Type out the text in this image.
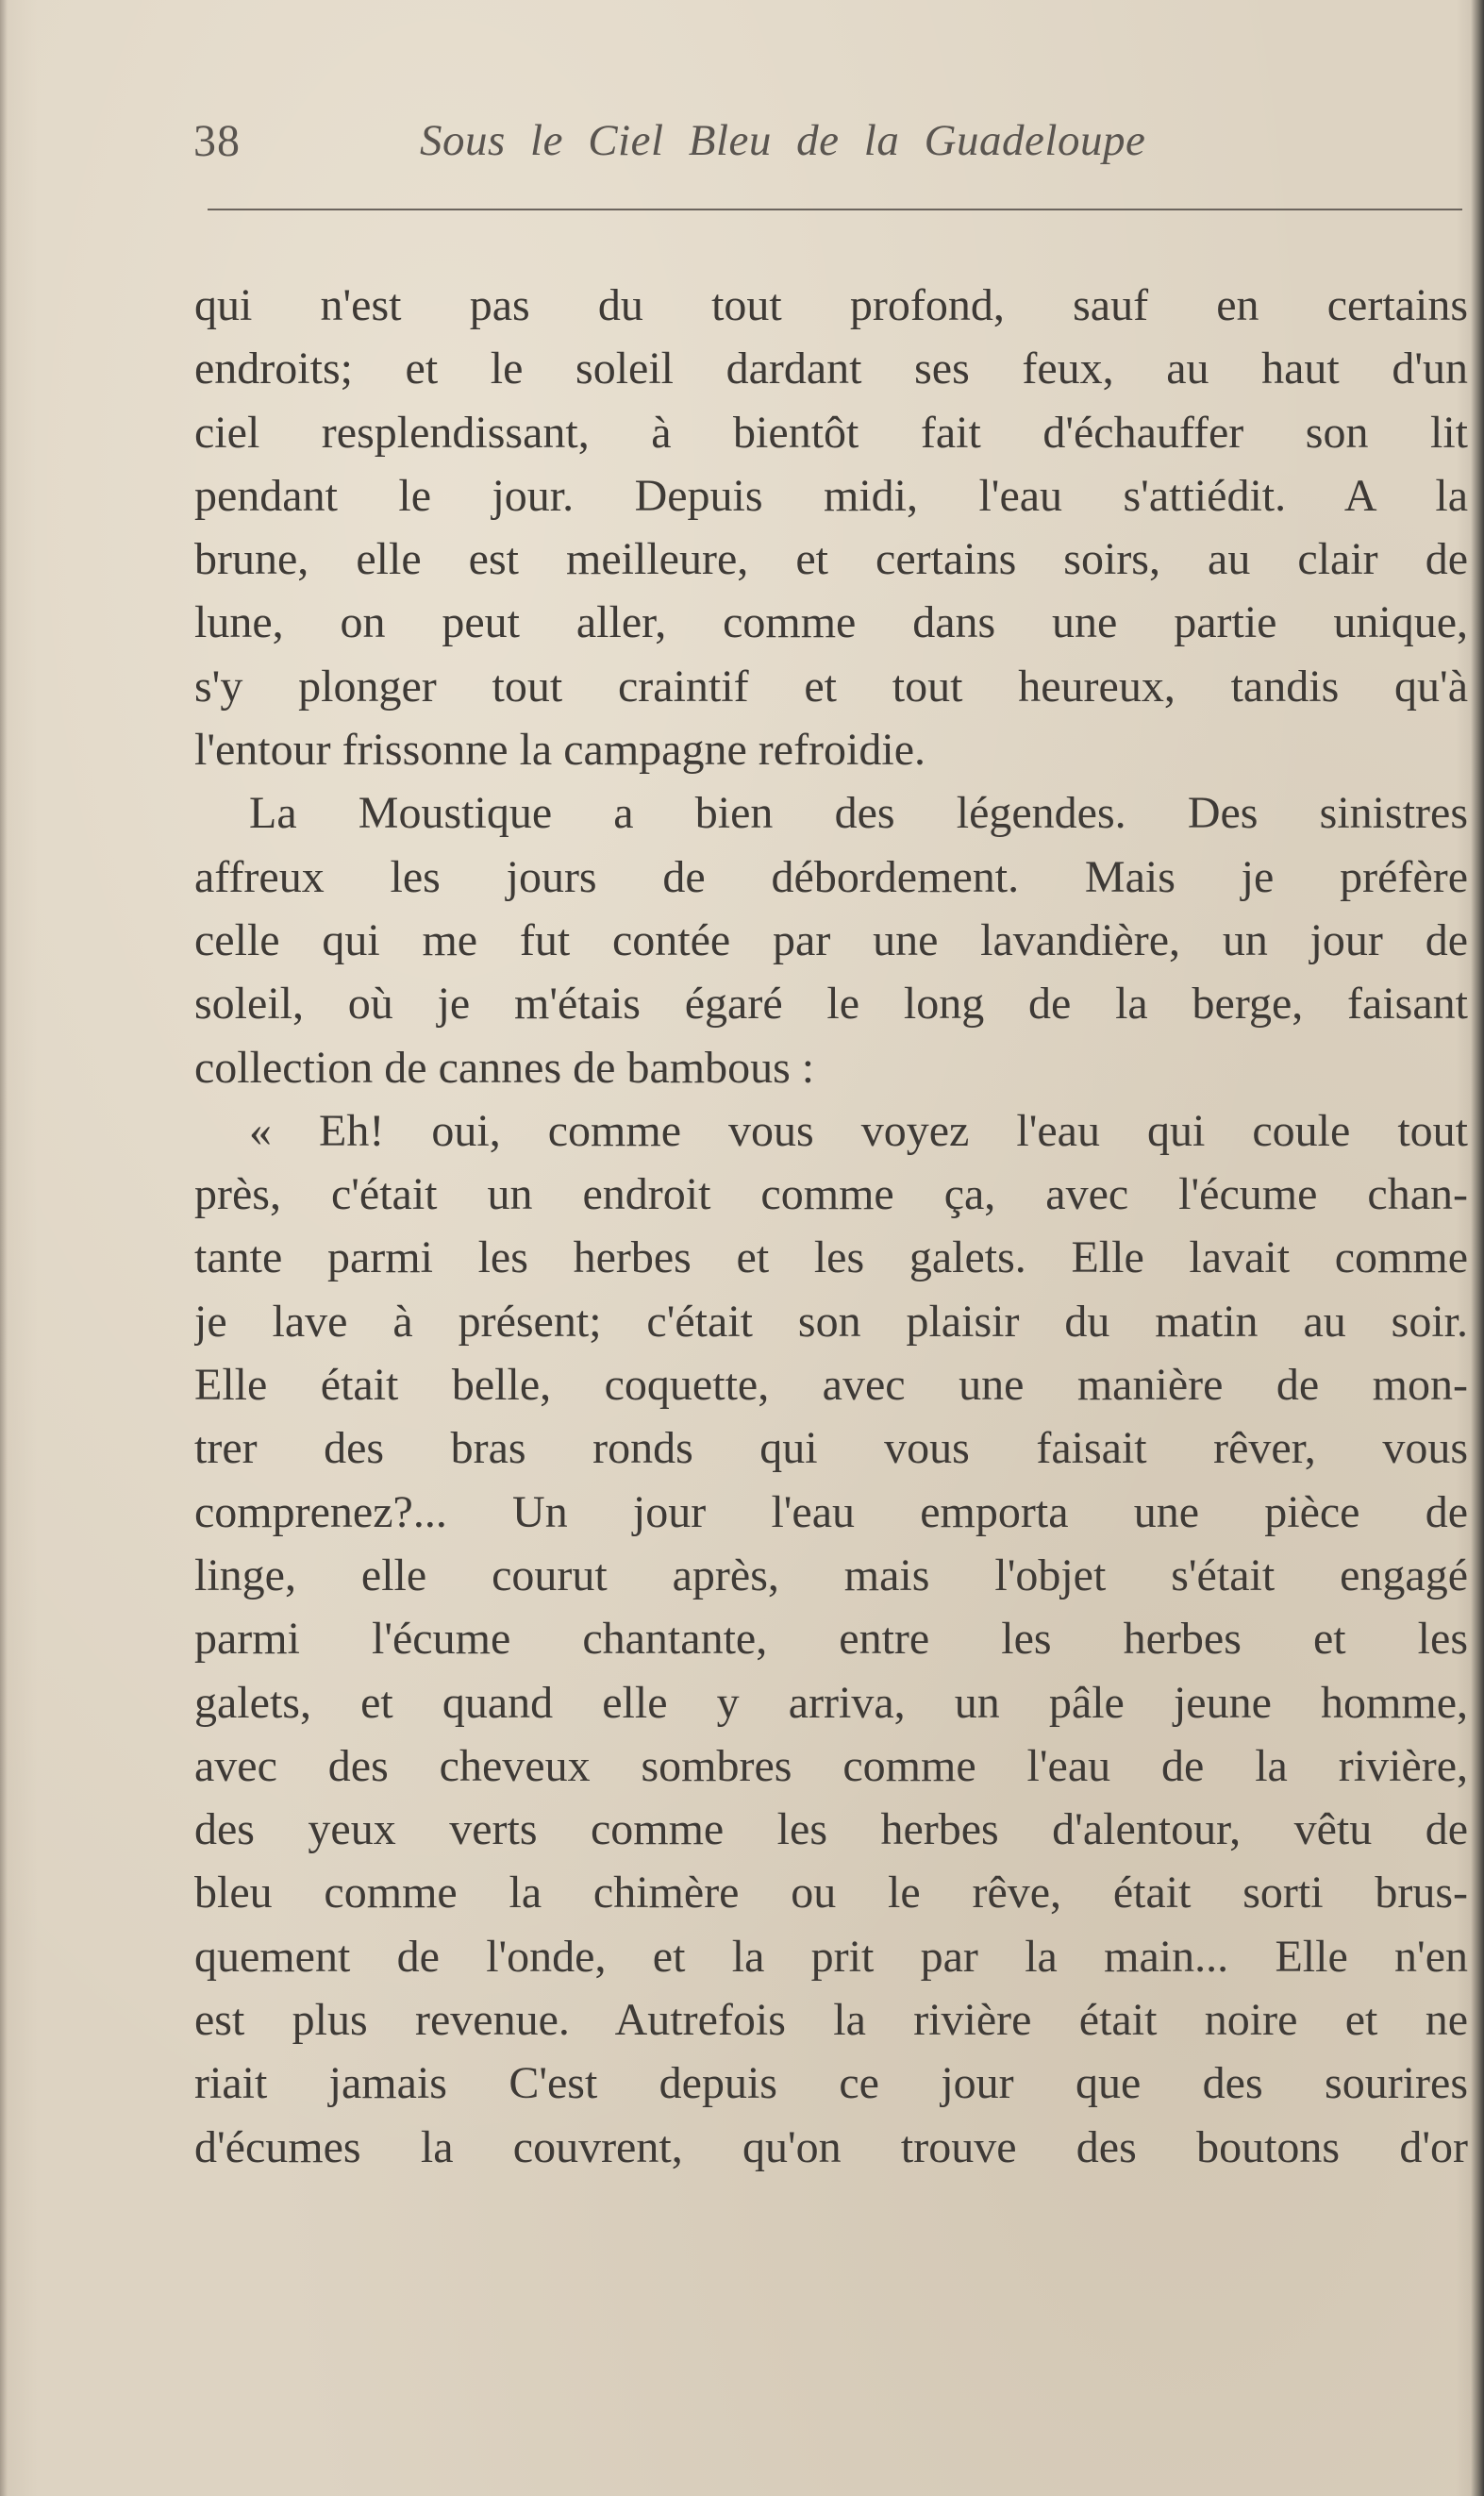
38	Sous le Ciel Bleu de la Guadeloupe
qui n'est pas du tout profond, sauf en certains
endroits; et le soleil dardant ses feux, au haut d'un
ciel resplendissant, à bientôt fait d'échauffer son lit
pendant le jour. Depuis midi, l'eau s'attiédit. A la
brune, elle est meilleure, et certains soirs, au clair de
lune, on peut aller, comme dans une partie unique,
s'y plonger tout craintif et tout heureux, tandis qu'à
l'entour frissonne la campagne refroidie.
La Moustique a bien des légendes. Des sinistres
affreux les jours de débordement. Mais je préfère
celle qui me fut contée par une lavandière, un jour de
soleil, où je m'étais égaré le long de la berge, faisant
collection de cannes de bambous :
« Eh! oui, comme vous voyez l'eau qui coule tout
près, c'était un endroit comme ça, avec l'écume chan-
tante parmi les herbes et les galets. Elle lavait comme
je lave à présent; c'était son plaisir du matin au soir.
Elle était belle, coquette, avec une manière de mon-
trer des bras ronds qui vous faisait rêver, vous
comprenez?... Un jour l'eau emporta une pièce de
linge, elle courut après, mais l'objet s'était engagé
parmi l'écume chantante, entre les herbes et les
galets, et quand elle y arriva, un pâle jeune homme,
avec des cheveux sombres comme l'eau de la rivière,
des yeux verts comme les herbes d'alentour, vêtu de
bleu comme la chimère ou le rêve, était sorti brus-
quement de l'onde, et la prit par la main... Elle n'en
est plus revenue. Autrefois la rivière était noire et ne
riait jamais C'est depuis ce jour que des sourires
d'écumes la couvrent, qu'on trouve des boutons d'or
